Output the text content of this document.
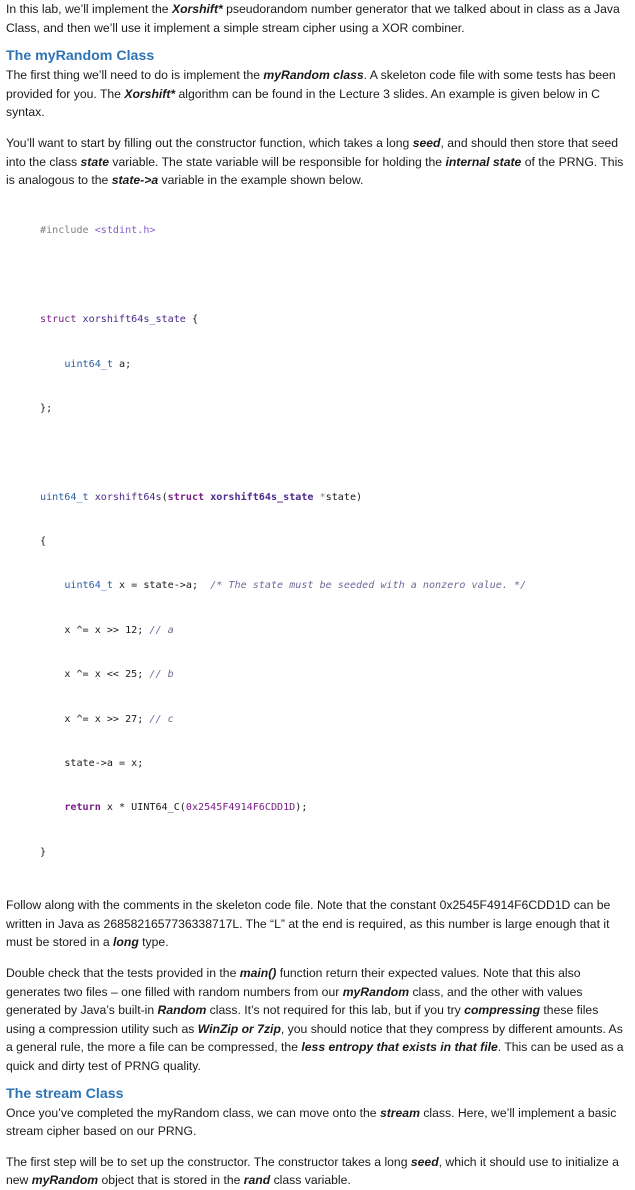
In this lab, we’ll implement the Xorshift* pseudorandom number generator that we talked about in class as a Java Class, and then we’ll use it implement a simple stream cipher using a XOR combiner.

The myRandom Class

The first thing we’ll need to do is implement the myRandom class. A skeleton code file with some tests has been provided for you. The Xorshift* algorithm can be found in the Lecture 3 slides. An example is given below in C syntax.

You’ll want to start by filling out the constructor function, which takes a long seed, and should then store that seed into the class state variable. The state variable will be responsible for holding the internal state of the PRNG. This is analogous to the state->a variable in the example shown below.

#include <stdint.h>

struct xorshift64s_state {

uint64_t a;

};

uint64_t xorshift64s(struct xorshift64s_state *state)

{

uint64_t x = state->a; /* The state must be seeded with a nonzero value. */

x ^= x >> 12; // a

x ^= x << 25; // b

x ^= x >> 27; // c

state->a = x;

return x * UINT64_C(0x2545F4914F6CDD1D);

}

Follow along with the comments in the skeleton code file. Note that the constant 0x2545F4914F6CDD1D can be written in Java as 2685821657736338717L. The “L” at the end is required, as this number is large enough that it must be stored in a long type.

Double check that the tests provided in the main() function return their expected values. Note that this also generates two files – one filled with random numbers from our myRandom class, and the other with values generated by Java’s built-in Random class. It’s not required for this lab, but if you try compressing these files using a compression utility such as WinZip or 7zip, you should notice that they compress by different amounts. As a general rule, the more a file can be compressed, the less entropy that exists in that file. This can be used as a quick and dirty test of PRNG quality.

The stream Class

Once you’ve completed the myRandom class, we can move onto the stream class. Here, we’ll implement a basic stream cipher based on our PRNG.

The first step will be to set up the constructor. The constructor takes a long seed, which it should use to initialize a new myRandom object that is stored in the rand class variable.
